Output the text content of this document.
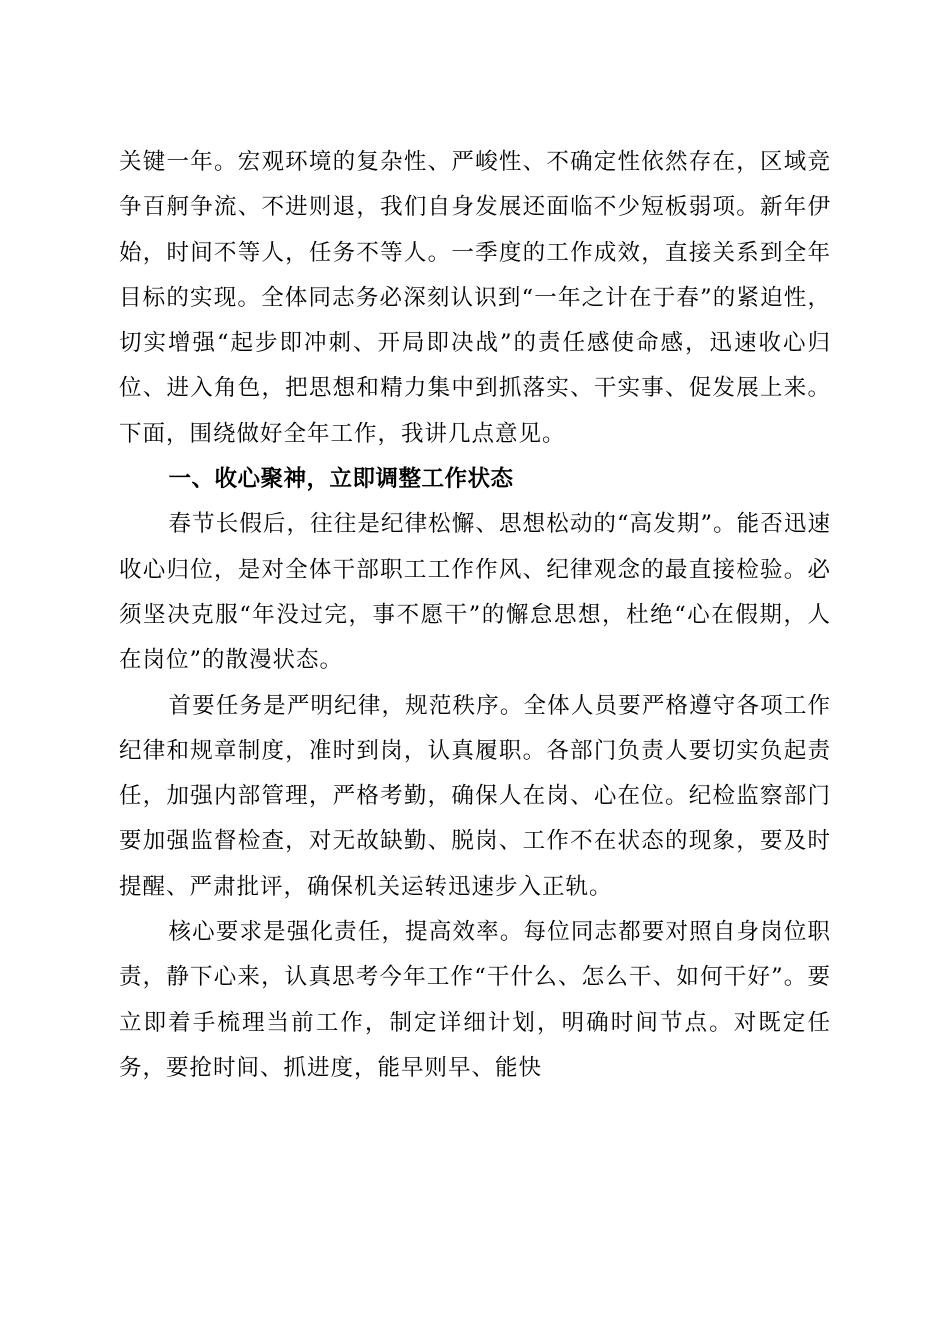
关键一年。宏观环境的复杂性、严峻性、不确定性依然存在，区域竞争百舸争流、不进则退，我们自身发展还面临不少短板弱项。新年伊始，时间不等人，任务不等人。一季度的工作成效，直接关系到全年目标的实现。全体同志务必深刻认识到“一年之计在于春”的紧迫性，切实增强“起步即冲刺、开局即决战”的责任感使命感，迅速收心归位、进入角色，把思想和精力集中到抓落实、干实事、促发展上来。下面，围绕做好全年工作，我讲几点意见。

一、收心聚神，立即调整工作状态

春节长假后，往往是纪律松懈、思想松动的“高发期”。能否迅速收心归位，是对全体干部职工工作作风、纪律观念的最直接检验。必须坚决克服“年没过完，事不愿干”的懈怠思想，杜绝“心在假期，人在岗位”的散漫状态。

首要任务是严明纪律，规范秩序。全体人员要严格遵守各项工作纪律和规章制度，准时到岗，认真履职。各部门负责人要切实负起责任，加强内部管理，严格考勤，确保人在岗、心在位。纪检监察部门要加强监督检查，对无故缺勤、脱岗、工作不在状态的现象，要及时提醒、严肃批评，确保机关运转迅速步入正轨。

核心要求是强化责任，提高效率。每位同志都要对照自身岗位职责，静下心来，认真思考今年工作“干什么、怎么干、如何干好”。要立即着手梳理当前工作，制定详细计划，明确时间节点。对既定任务，要抢时间、抓进度，能早则早、能快
